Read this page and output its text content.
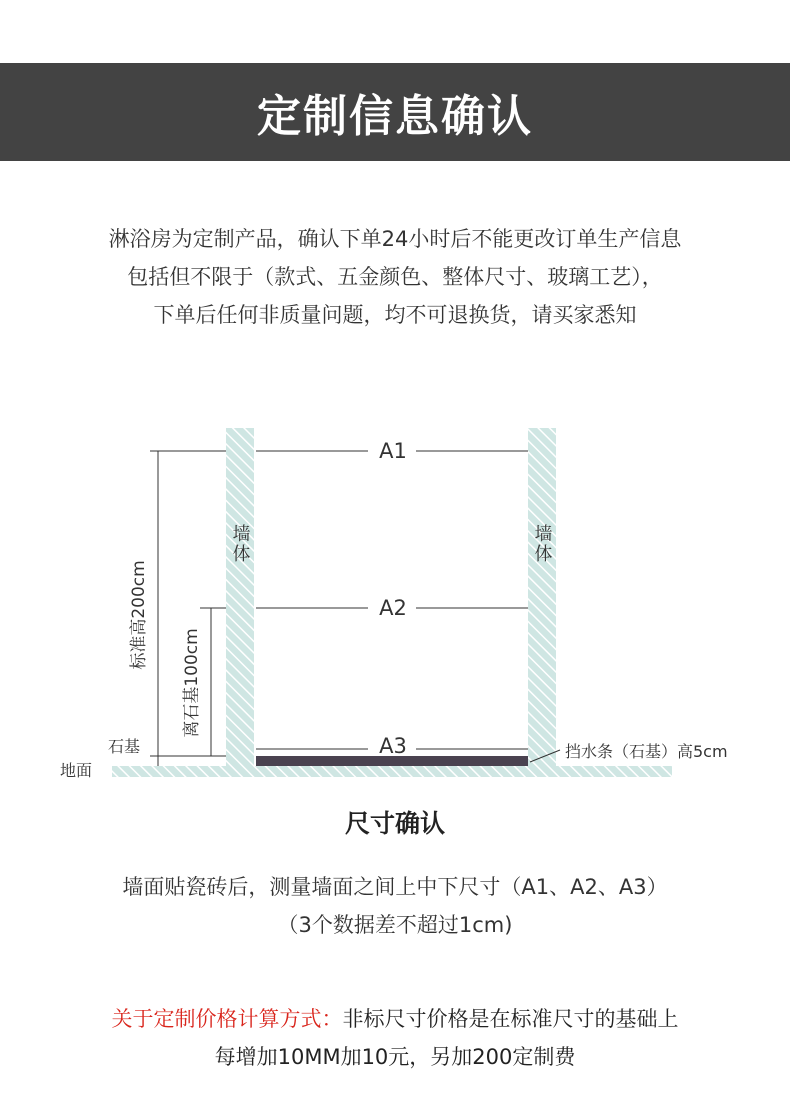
定制信息确认
淋浴房为定制产品，确认下单24小时后不能更改订单生产信息
包括但不限于（款式、五金颜色、整体尺寸、玻璃工艺），
下单后任何非质量问题，均不可退换货，请买家悉知
墙体	墙体
A1
A2
A3
标准高200cm
离石基100cm
石基
地面
挡水条（石基）高5cm
尺寸确认
墙面贴瓷砖后，测量墙面之间上中下尺寸（A1、A2、A3）
（3个数据差不超过1cm)
关于定制价格计算方式：非标尺寸价格是在标准尺寸的基础上
每增加10MM加10元，另加200定制费
